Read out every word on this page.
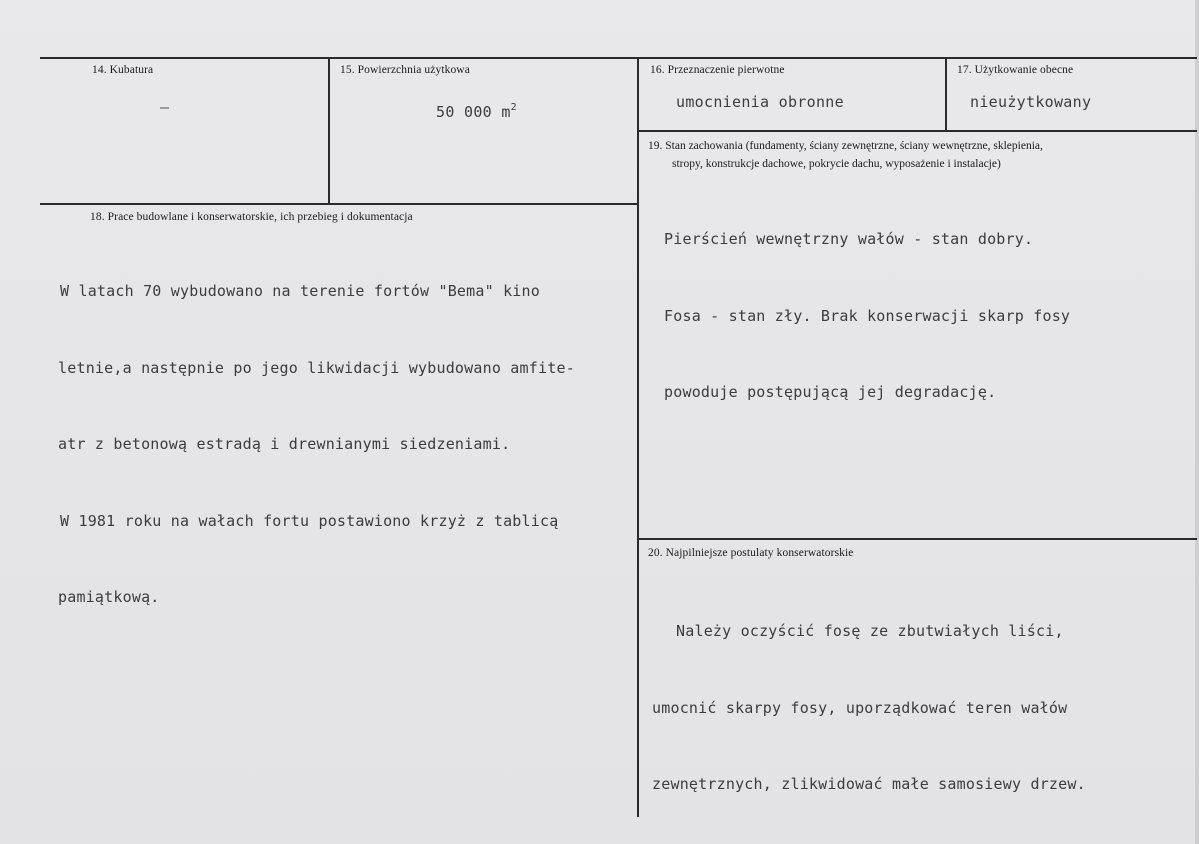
14. Kubatura
–
15. Powierzchnia użytkowa
50 000 $m^2$
16. Przeznaczenie pierwotne
umocnienia obronne
17. Użytkowanie obecne
nieużytkowany
18. Prace budowlane i konserwatorskie, ich przebieg i dokumentacja

W latach 70 wybudowano na terenie fortów "Bema" kino

letnie,a następnie po jego likwidacji wybudowano amfite-

atr z betonową estradą i drewnianymi siedzeniami.

W 1981 roku na wałach fortu postawiono krzyż z tablicą

pamiątkową.

19. Stan zachowania (fundamenty, ściany zewnętrzne, ściany wewnętrzne, sklepienia,
stropy, konstrukcje dachowe, pokrycie dachu, wyposażenie i instalacje)

Pierścień wewnętrzny wałów - stan dobry.

Fosa - stan zły. Brak konserwacji skarp fosy

powoduje postępującą jej degradację.

20. Najpilniejsze postulaty konserwatorskie

Należy oczyścić fosę ze zbutwiałych liści,

umocnić skarpy fosy, uporządkować teren wałów

zewnętrznych, zlikwidować małe samosiewy drzew.
